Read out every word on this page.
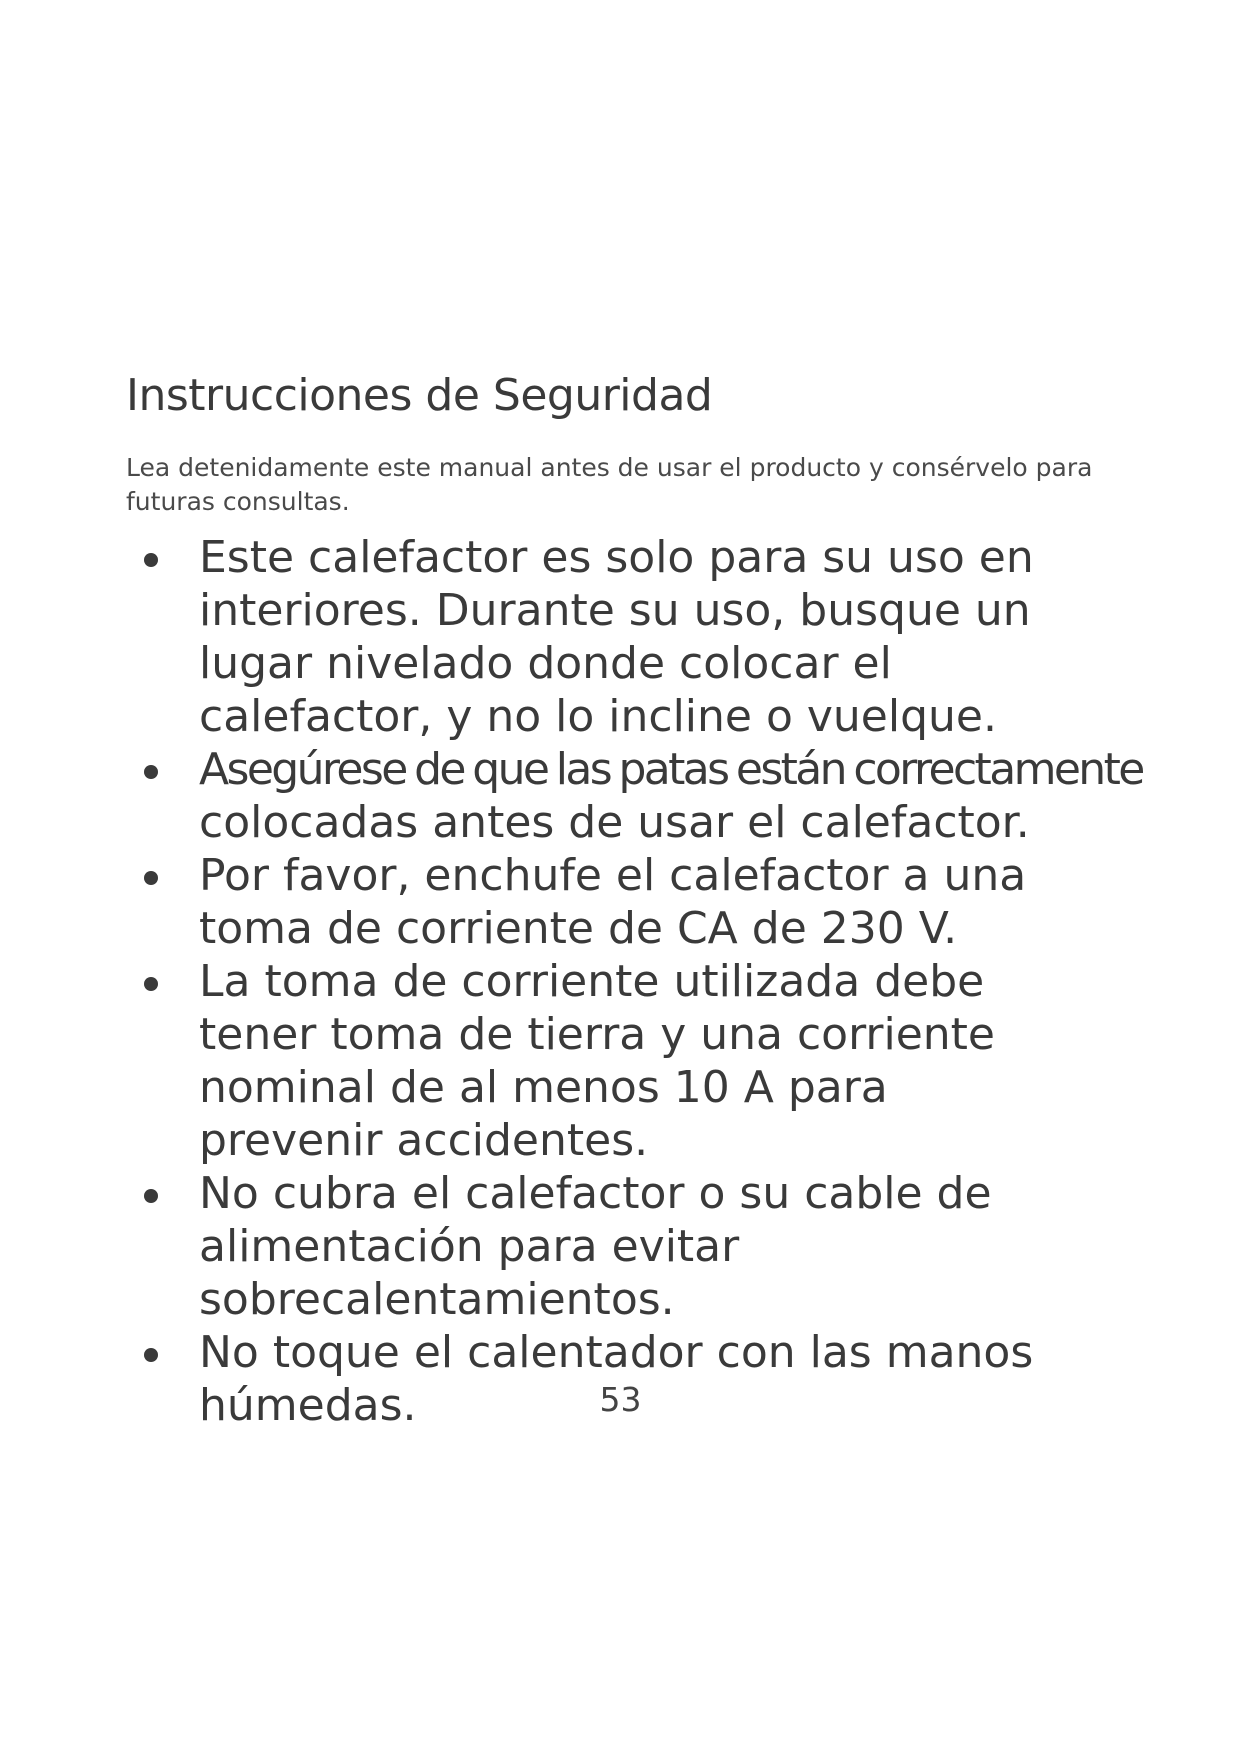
Instrucciones de Seguridad

Lea detenidamente este manual antes de usar el producto y consérvelo para futuras consultas.

Este calefactor es solo para su uso en interiores. Durante su uso, busque un lugar nivelado donde colocar el calefactor, y no lo incline o vuelque.
Asegúrese de que las patas están correctamente
colocadas antes de usar el calefactor.
Por favor, enchufe el calefactor a una toma de corriente de CA de 230 V.
La toma de corriente utilizada debe tener toma de tierra y una corriente nominal de al menos 10 A para prevenir accidentes.
No cubra el calefactor o su cable de alimentación para evitar sobrecalentamientos.
No toque el calentador con las manos húmedas.	53
